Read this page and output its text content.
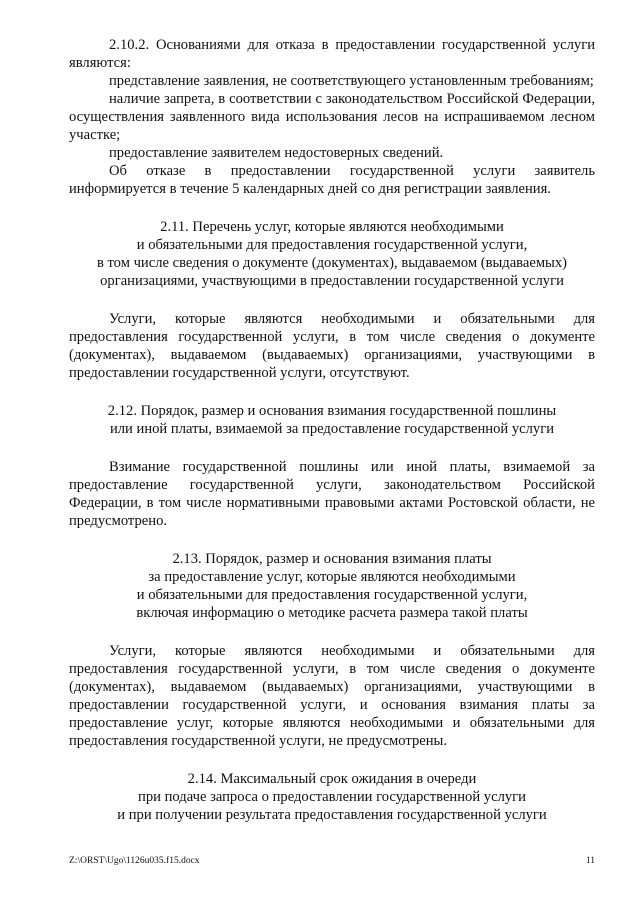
2.10.2. Основаниями для отказа в предоставлении государственной услуги являются:

представление заявления, не соответствующего установленным требованиям;

наличие запрета, в соответствии с законодательством Российской Федерации, осуществления заявленного вида использования лесов на испрашиваемом лесном участке;

предоставление заявителем недостоверных сведений.

Об отказе в предоставлении государственной услуги заявитель информируется в течение 5 календарных дней со дня регистрации заявления.

2.11. Перечень услуг, которые являются необходимыми
и обязательными для предоставления государственной услуги,
в том числе сведения о документе (документах), выдаваемом (выдаваемых)
организациями, участвующими в предоставлении государственной услуги

Услуги, которые являются необходимыми и обязательными для предоставления государственной услуги, в том числе сведения о документе (документах), выдаваемом (выдаваемых) организациями, участвующими в предоставлении государственной услуги, отсутствуют.

2.12. Порядок, размер и основания взимания государственной пошлины
или иной платы, взимаемой за предоставление государственной услуги

Взимание государственной пошлины или иной платы, взимаемой за предоставление государственной услуги, законодательством Российской Федерации, в том числе нормативными правовыми актами Ростовской области, не предусмотрено.

2.13. Порядок, размер и основания взимания платы
за предоставление услуг, которые являются необходимыми
и обязательными для предоставления государственной услуги,
включая информацию о методике расчета размера такой платы

Услуги, которые являются необходимыми и обязательными для предоставления государственной услуги, в том числе сведения о документе (документах), выдаваемом (выдаваемых) организациями, участвующими в предоставлении государственной услуги, и основания взимания платы за предоставление услуг, которые являются необходимыми и обязательными для предоставления государственной услуги, не предусмотрены.

2.14. Максимальный срок ожидания в очереди
при подаче запроса о предоставлении государственной услуги
и при получении результата предоставления государственной услуги
Z:\ORST\Ugo\1126u035.f15.docx	11
